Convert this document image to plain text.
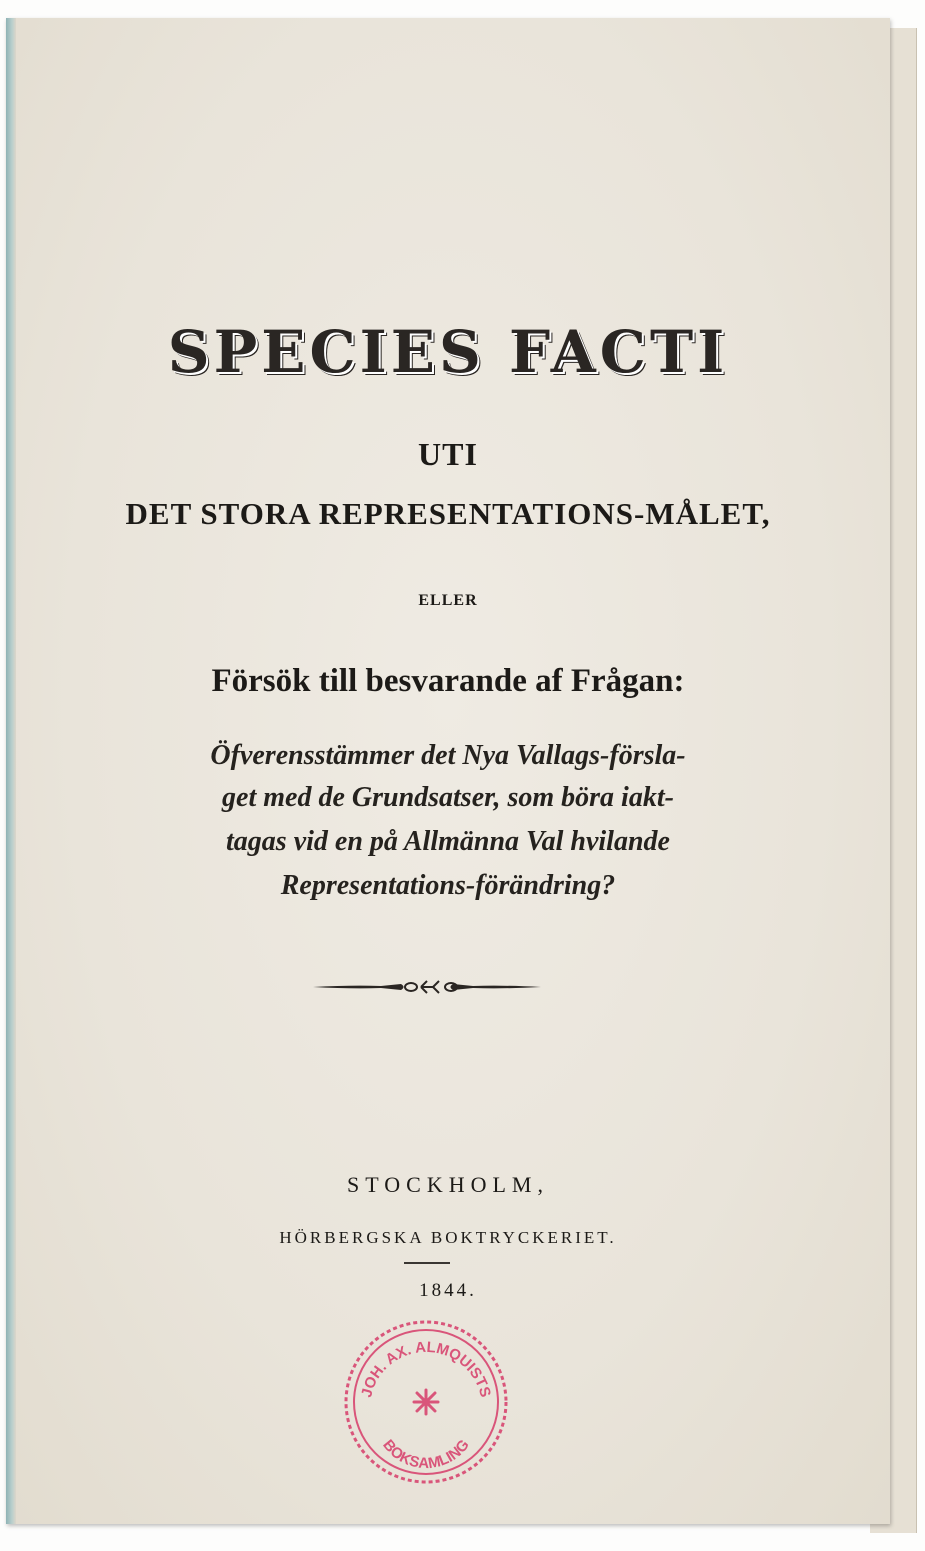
SPECIES FACTI
UTI
DET STORA REPRESENTATIONS-MÅLET,
ELLER
Försök till besvarande af Frågan:
Öfverensstämmer det Nya Vallags-försla-
get med de Grundsatser, som böra iakt-
tagas vid en på Allmänna Val hvilande
Representations-förändring?
STOCKHOLM,
HÖRBERGSKA BOKTRYCKERIET.
1844.
JOH. AX. ALMQUISTS
BOKSAMLING
